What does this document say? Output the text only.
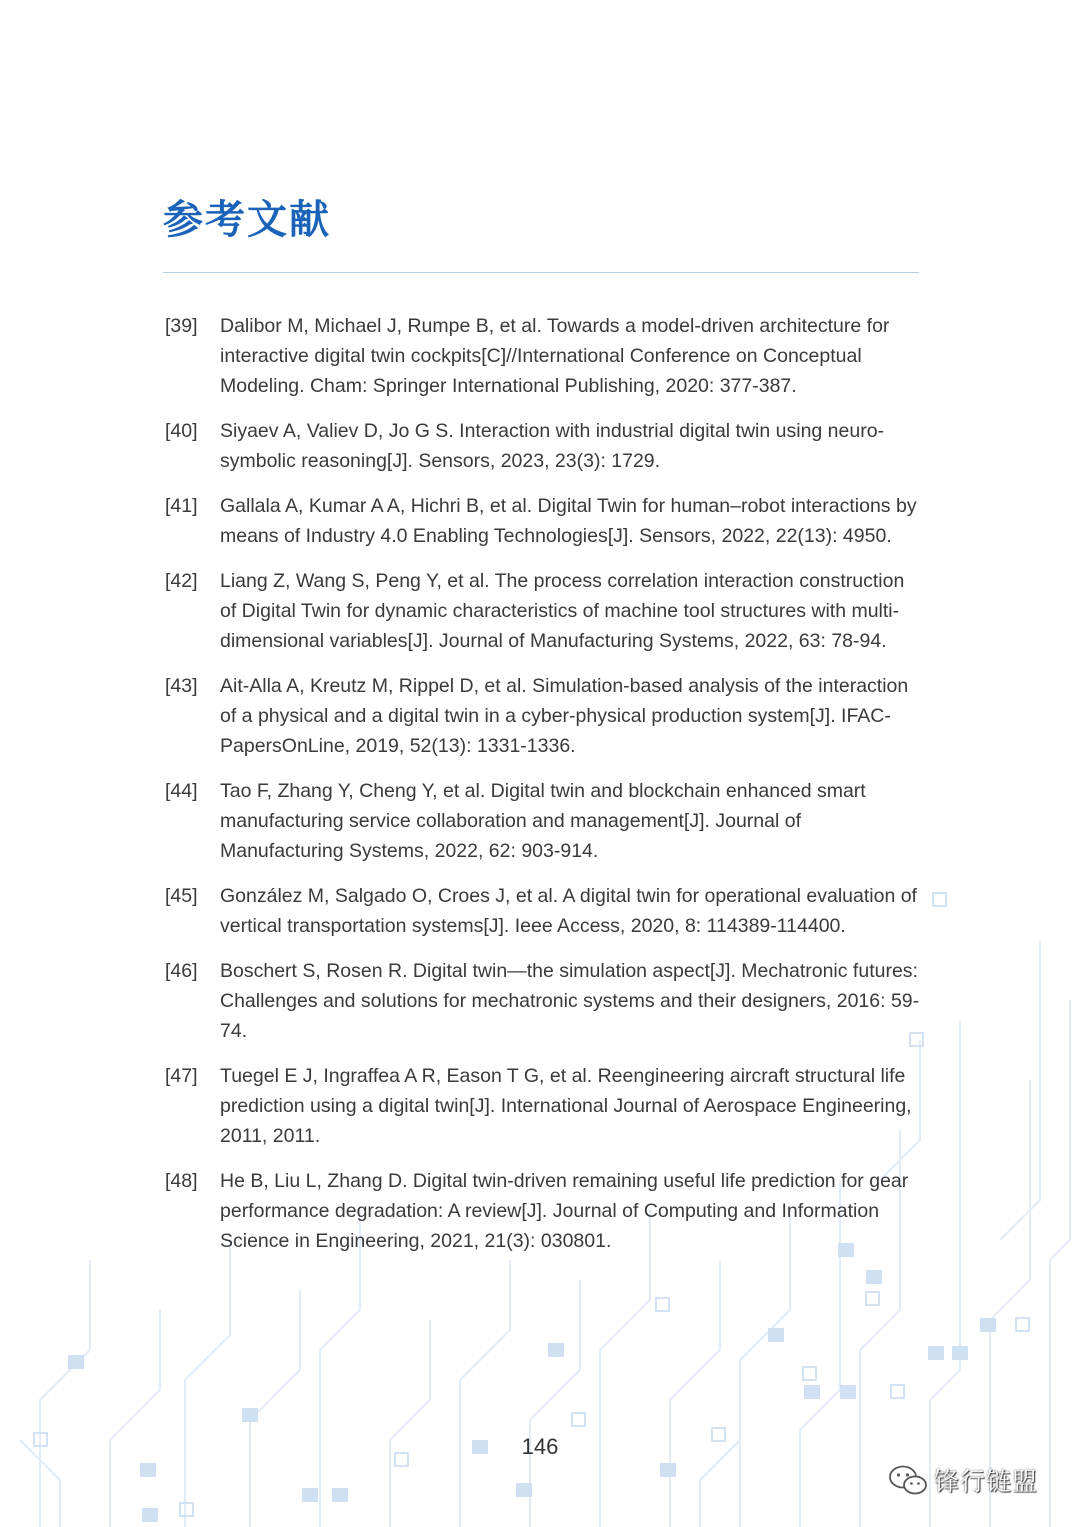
参考文献
[39]	Dalibor M, Michael J, Rumpe B, et al. Towards a model-driven architecture for interactive digital twin cockpits[C]//International Conference on Conceptual Modeling. Cham: Springer International Publishing, 2020: 377-387.
[40]	Siyaev A, Valiev D, Jo G S. Interaction with industrial digital twin using neuro-symbolic reasoning[J]. Sensors, 2023, 23(3): 1729.
[41]	Gallala A, Kumar A A, Hichri B, et al. Digital Twin for human–robot interactions by means of Industry 4.0 Enabling Technologies[J]. Sensors, 2022, 22(13): 4950.
[42]	Liang Z, Wang S, Peng Y, et al. The process correlation interaction construction of Digital Twin for dynamic characteristics of machine tool structures with multi-dimensional variables[J]. Journal of Manufacturing Systems, 2022, 63: 78-94.
[43]	Ait-Alla A, Kreutz M, Rippel D, et al. Simulation-based analysis of the interaction of a physical and a digital twin in a cyber-physical production system[J]. IFAC-PapersOnLine, 2019, 52(13): 1331-1336.
[44]	Tao F, Zhang Y, Cheng Y, et al. Digital twin and blockchain enhanced smart manufacturing service collaboration and management[J]. Journal of Manufacturing Systems, 2022, 62: 903-914.
[45]	González M, Salgado O, Croes J, et al. A digital twin for operational evaluation of vertical transportation systems[J]. Ieee Access, 2020, 8: 114389-114400.
[46]	Boschert S, Rosen R. Digital twin—the simulation aspect[J]. Mechatronic futures: Challenges and solutions for mechatronic systems and their designers, 2016: 59-74.
[47]	Tuegel E J, Ingraffea A R, Eason T G, et al. Reengineering aircraft structural life prediction using a digital twin[J]. International Journal of Aerospace Engineering, 2011, 2011.
[48]	He B, Liu L, Zhang D. Digital twin-driven remaining useful life prediction for gear performance degradation: A review[J]. Journal of Computing and Information Science in Engineering, 2021, 21(3): 030801.
146
锋行链盟
